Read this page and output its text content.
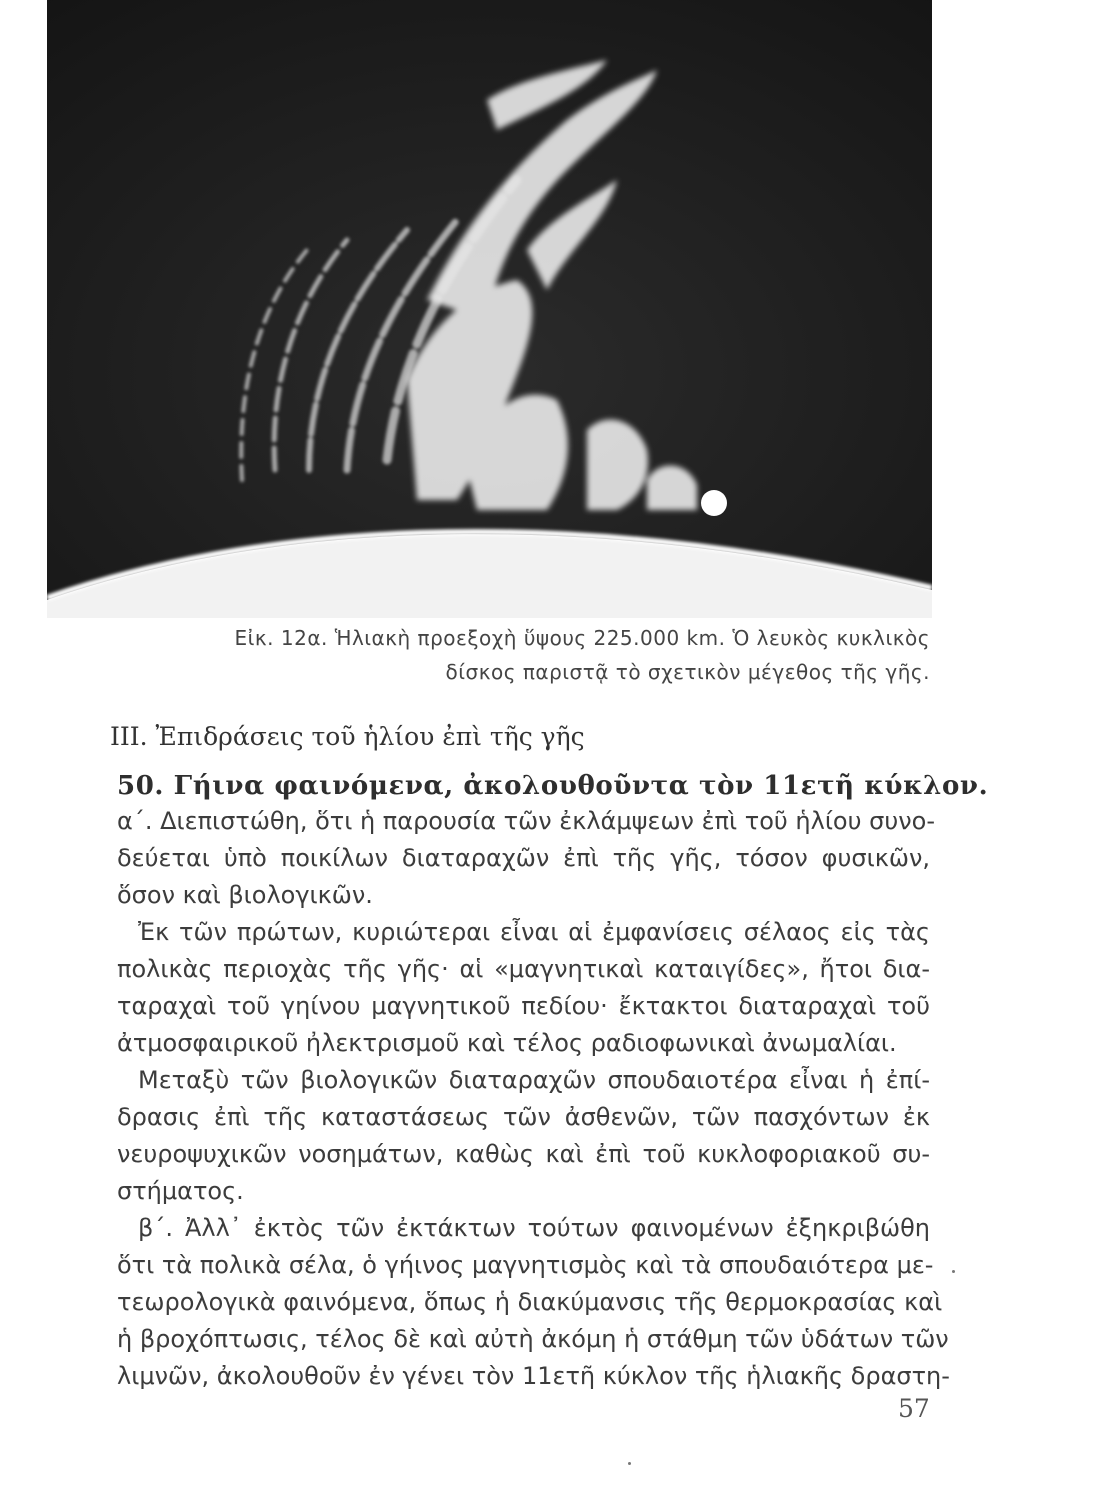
Εἰκ. 12α. Ἡλιακὴ προεξοχὴ ὕψους 225.000 km. Ὁ λευκὸς κυκλικὸς
δίσκος παριστᾷ τὸ σχετικὸν μέγεθος τῆς γῆς.
III. Ἐπιδράσεις τοῦ ἡλίου ἐπὶ τῆς γῆς
50. Γήινα φαινόμενα, ἀκολουθοῦντα τὸν 11ετῆ κύκλον.
α΄. Διεπιστώθη, ὅτι ἡ παρουσία τῶν ἐκλάμψεων ἐπὶ τοῦ ἡλίου συνο-
δεύεται ὑπὸ ποικίλων διαταραχῶν ἐπὶ τῆς γῆς, τόσον φυσικῶν,
ὅσον καὶ βιολογικῶν.
Ἐκ τῶν πρώτων, κυριώτεραι εἶναι αἱ ἐμφανίσεις σέλαος εἰς τὰς
πολικὰς περιοχὰς τῆς γῆς· αἱ «μαγνητικαὶ καταιγίδες», ἤτοι δια-
ταραχαὶ τοῦ γηίνου μαγνητικοῦ πεδίου· ἔκτακτοι διαταραχαὶ τοῦ
ἀτμοσφαιρικοῦ ἠλεκτρισμοῦ καὶ τέλος ραδιοφωνικαὶ ἀνωμαλίαι.
Μεταξὺ τῶν βιολογικῶν διαταραχῶν σπουδαιοτέρα εἶναι ἡ ἐπί-
δρασις ἐπὶ τῆς καταστάσεως τῶν ἀσθενῶν, τῶν πασχόντων ἐκ
νευροψυχικῶν νοσημάτων, καθὼς καὶ ἐπὶ τοῦ κυκλοφοριακοῦ συ-
στήματος.
β΄. Ἀλλ᾿ ἐκτὸς τῶν ἐκτάκτων τούτων φαινομένων ἐξηκριβώθη
ὅτι τὰ πολικὰ σέλα, ὁ γήινος μαγνητισμὸς καὶ τὰ σπουδαιότερα με-
τεωρολογικὰ φαινόμενα, ὅπως ἡ διακύμανσις τῆς θερμοκρασίας καὶ
ἡ βροχόπτωσις, τέλος δὲ καὶ αὐτὴ ἀκόμη ἡ στάθμη τῶν ὑδάτων τῶν
λιμνῶν, ἀκολουθοῦν ἐν γένει τὸν 11ετῆ κύκλον τῆς ἡλιακῆς δραστη-
57
